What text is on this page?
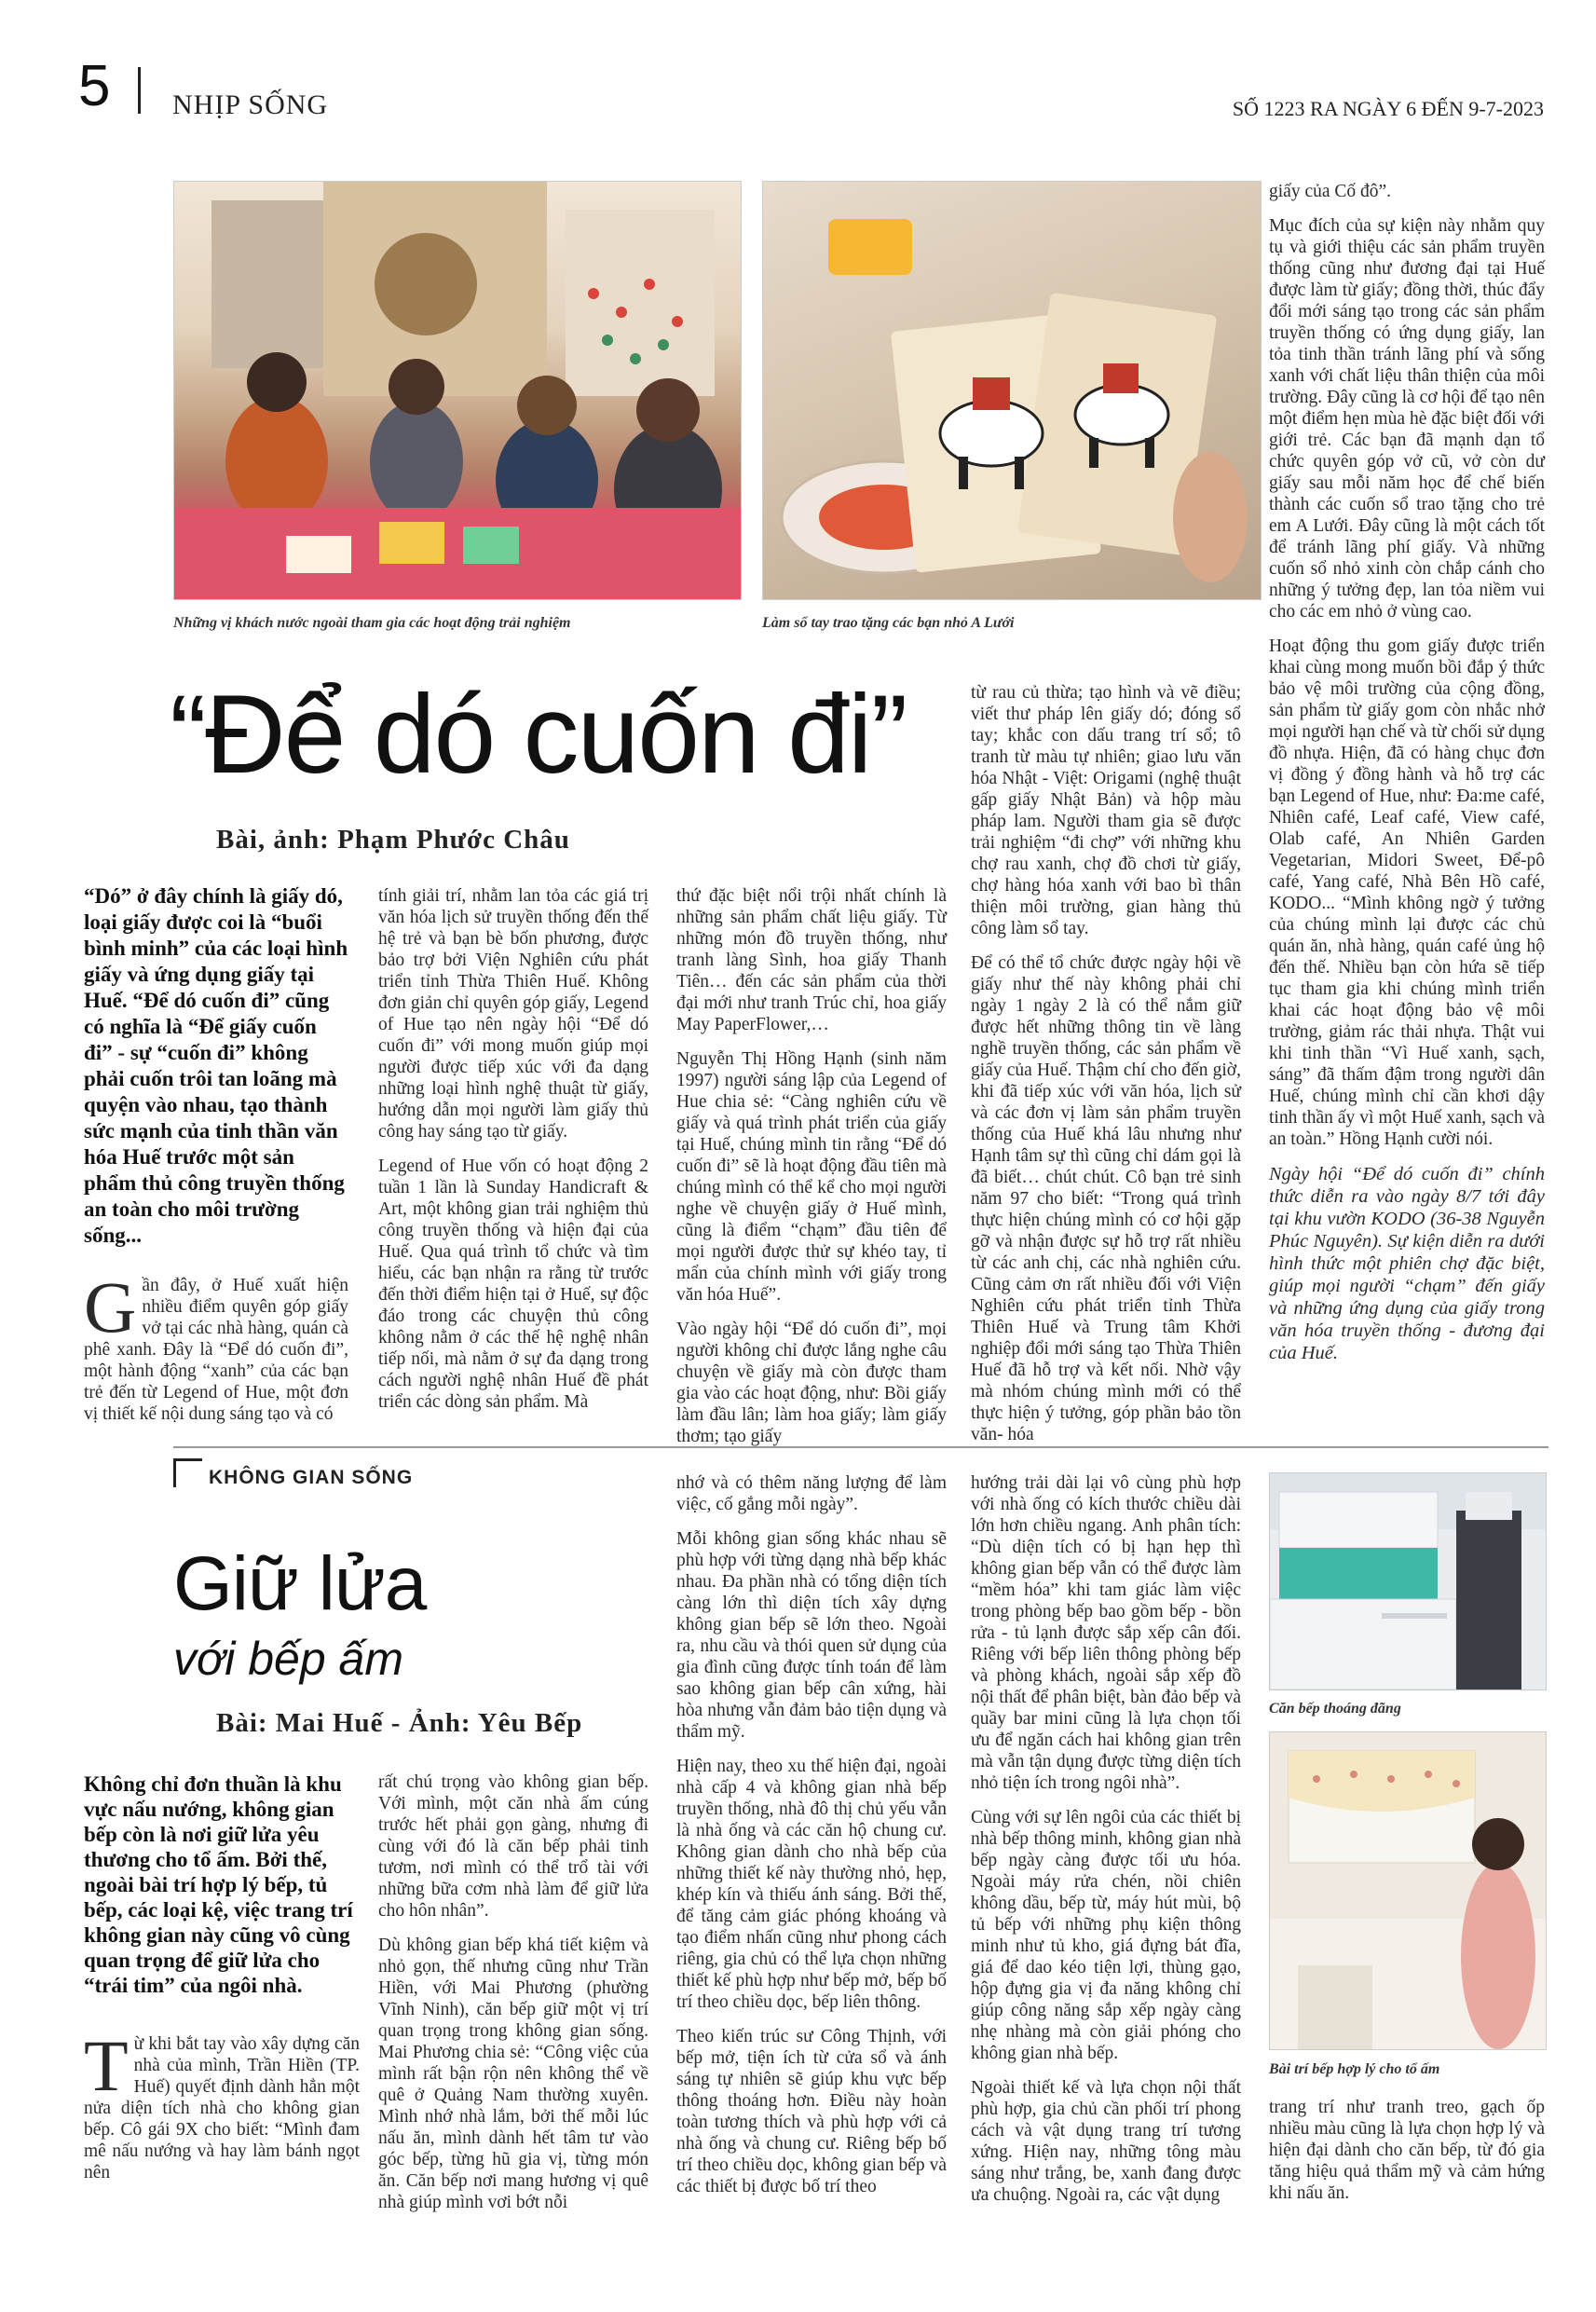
5 NHỊP SỐNG	SỐ 1223 RA NGÀY 6 ĐẾN 9-7-2023
Những vị khách nước ngoài tham gia các hoạt động trải nghiệm	Làm sổ tay trao tặng các bạn nhỏ A Lưới
“Để dó cuốn đi”
Bài, ảnh: Phạm Phước Châu

“Dó” ở đây chính là giấy dó, loại giấy được coi là “buổi bình minh” của các loại hình giấy và ứng dụng giấy tại Huế. “Để dó cuốn đi” cũng có nghĩa là “Để giấy cuốn đi” - sự “cuốn đi” không phải cuốn trôi tan loãng mà quyện vào nhau, tạo thành sức mạnh của tinh thần văn hóa Huế trước một sản phẩm thủ công truyền thống an toàn cho môi trường sống...

Gần đây, ở Huế xuất hiện nhiều điểm quyên góp giấy vở tại các nhà hàng, quán cà phê xanh. Đây là “Để dó cuốn đi”, một hành động “xanh” của các bạn trẻ đến từ Legend of Hue, một đơn vị thiết kế nội dung sáng tạo và có

tính giải trí, nhằm lan tỏa các giá trị văn hóa lịch sử truyền thống đến thế hệ trẻ và bạn bè bốn phương, được bảo trợ bởi Viện Nghiên cứu phát triển tỉnh Thừa Thiên Huế. Không đơn giản chỉ quyên góp giấy, Legend of Hue tạo nên ngày hội “Để dó cuốn đi” với mong muốn giúp mọi người được tiếp xúc với đa dạng những loại hình nghệ thuật từ giấy, hướng dẫn mọi người làm giấy thủ công hay sáng tạo từ giấy.

Legend of Hue vốn có hoạt động 2 tuần 1 lần là Sunday Handicraft & Art, một không gian trải nghiệm thủ công truyền thống và hiện đại của Huế. Qua quá trình tổ chức và tìm hiểu, các bạn nhận ra rằng từ trước đến thời điểm hiện tại ở Huế, sự độc đáo trong các chuyện thủ công không nằm ở các thế hệ nghệ nhân tiếp nối, mà nằm ở sự đa dạng trong cách người nghệ nhân Huế đề phát triển các dòng sản phẩm. Mà

thứ đặc biệt nổi trội nhất chính là những sản phẩm chất liệu giấy. Từ những món đồ truyền thống, như tranh làng Sình, hoa giấy Thanh Tiên… đến các sản phẩm của thời đại mới như tranh Trúc chỉ, hoa giấy May PaperFlower,…

Nguyễn Thị Hồng Hạnh (sinh năm 1997) người sáng lập của Legend of Hue chia sẻ: “Càng nghiên cứu về giấy và quá trình phát triển của giấy tại Huế, chúng mình tin rằng “Để dó cuốn đi” sẽ là hoạt động đầu tiên mà chúng mình có thể kể cho mọi người nghe về chuyện giấy ở Huế mình, cũng là điểm “chạm” đầu tiên để mọi người được thử sự khéo tay, tỉ mẩn của chính mình với giấy trong văn hóa Huế”.

Vào ngày hội “Để dó cuốn đi”, mọi người không chỉ được lắng nghe câu chuyện về giấy mà còn được tham gia vào các hoạt động, như: Bồi giấy làm đầu lân; làm hoa giấy; làm giấy thơm; tạo giấy

từ rau củ thừa; tạo hình và vẽ điều; viết thư pháp lên giấy dó; đóng sổ tay; khắc con dấu trang trí sổ; tô tranh từ màu tự nhiên; giao lưu văn hóa Nhật - Việt: Origami (nghệ thuật gấp giấy Nhật Bản) và hộp màu pháp lam. Người tham gia sẽ được trải nghiệm “đi chợ” với những khu chợ rau xanh, chợ đồ chơi từ giấy, chợ hàng hóa xanh với bao bì thân thiện môi trường, gian hàng thủ công làm sổ tay.

Để có thể tổ chức được ngày hội về giấy như thế này không phải chỉ ngày 1 ngày 2 là có thể nắm giữ được hết những thông tin về làng nghề truyền thống, các sản phẩm về giấy của Huế. Thậm chí cho đến giờ, khi đã tiếp xúc với văn hóa, lịch sử và các đơn vị làm sản phẩm truyền thống của Huế khá lâu nhưng như Hạnh tâm sự thì cũng chỉ dám gọi là đã biết… chút chút. Cô bạn trẻ sinh năm 97 cho biết: “Trong quá trình thực hiện chúng mình có cơ hội gặp gỡ và nhận được sự hỗ trợ rất nhiều từ các anh chị, các nhà nghiên cứu. Cũng cảm ơn rất nhiều đối với Viện Nghiên cứu phát triển tỉnh Thừa Thiên Huế và Trung tâm Khởi nghiệp đổi mới sáng tạo Thừa Thiên Huế đã hỗ trợ và kết nối. Nhờ vậy mà nhóm chúng mình mới có thể thực hiện ý tưởng, góp phần bảo tồn văn- hóa

giấy của Cố đô”.

Mục đích của sự kiện này nhằm quy tụ và giới thiệu các sản phẩm truyền thống cũng như đương đại tại Huế được làm từ giấy; đồng thời, thúc đẩy đổi mới sáng tạo trong các sản phẩm truyền thống có ứng dụng giấy, lan tỏa tinh thần tránh lãng phí và sống xanh với chất liệu thân thiện của môi trường. Đây cũng là cơ hội để tạo nên một điểm hẹn mùa hè đặc biệt đối với giới trẻ. Các bạn đã mạnh dạn tổ chức quyên góp vở cũ, vở còn dư giấy sau mỗi năm học để chế biến thành các cuốn sổ trao tặng cho trẻ em A Lưới. Đây cũng là một cách tốt để tránh lãng phí giấy. Và những cuốn sổ nhỏ xinh còn chắp cánh cho những ý tưởng đẹp, lan tỏa niềm vui cho các em nhỏ ở vùng cao.

Hoạt động thu gom giấy được triển khai cùng mong muốn bồi đắp ý thức bảo vệ môi trường của cộng đồng, sản phẩm từ giấy gom còn nhắc nhở mọi người hạn chế và từ chối sử dụng đồ nhựa. Hiện, đã có hàng chục đơn vị đồng ý đồng hành và hỗ trợ các bạn Legend of Hue, như: Đa:me café, Nhiên café, Leaf café, View café, Olab café, An Nhiên Garden Vegetarian, Midori Sweet, Để-pô café, Yang café, Nhà Bên Hồ café, KODO... “Mình không ngờ ý tưởng của chúng mình lại được các chủ quán ăn, nhà hàng, quán café ủng hộ đến thế. Nhiều bạn còn hứa sẽ tiếp tục tham gia khi chúng mình triển khai các hoạt động bảo vệ môi trường, giảm rác thải nhựa. Thật vui khi tinh thần “Vì Huế xanh, sạch, sáng” đã thấm đậm trong người dân Huế, chúng mình chỉ cần khơi dậy tinh thần ấy vì một Huế xanh, sạch và an toàn.” Hồng Hạnh cười nói.

Ngày hội “Để dó cuốn đi” chính thức diễn ra vào ngày 8/7 tới đây tại khu vườn KODO (36-38 Nguyễn Phúc Nguyên). Sự kiện diễn ra dưới hình thức một phiên chợ đặc biệt, giúp mọi người “chạm” đến giấy và những ứng dụng của giấy trong văn hóa truyền thống - đương đại của Huế.

KHÔNG GIAN SỐNG
Giữ lửa
với bếp ấm
Bài: Mai Huế - Ảnh: Yêu Bếp

Không chỉ đơn thuần là khu vực nấu nướng, không gian bếp còn là nơi giữ lửa yêu thương cho tổ ấm. Bởi thế, ngoài bài trí hợp lý bếp, tủ bếp, các loại kệ, việc trang trí không gian này cũng vô cùng quan trọng để giữ lửa cho “trái tim” của ngôi nhà.

Từ khi bắt tay vào xây dựng căn nhà của mình, Trần Hiền (TP. Huế) quyết định dành hẳn một nửa diện tích nhà cho không gian bếp. Cô gái 9X cho biết: “Mình đam mê nấu nướng và hay làm bánh ngọt nên

rất chú trọng vào không gian bếp. Với mình, một căn nhà ấm cúng trước hết phải gọn gàng, nhưng đi cùng với đó là căn bếp phải tinh tươm, nơi mình có thể trổ tài với những bữa cơm nhà làm để giữ lửa cho hôn nhân”.

Dù không gian bếp khá tiết kiệm và nhỏ gọn, thế nhưng cũng như Trần Hiền, với Mai Phương (phường Vĩnh Ninh), căn bếp giữ một vị trí quan trọng trong không gian sống. Mai Phương chia sẻ: “Công việc của mình rất bận rộn nên không thể về quê ở Quảng Nam thường xuyên. Mình nhớ nhà lắm, bởi thế mỗi lúc nấu ăn, mình dành hết tâm tư vào góc bếp, từng hũ gia vị, từng món ăn. Căn bếp nơi mang hương vị quê nhà giúp mình vơi bớt nỗi

nhớ và có thêm năng lượng để làm việc, cố gắng mỗi ngày”.

Mỗi không gian sống khác nhau sẽ phù hợp với từng dạng nhà bếp khác nhau. Đa phần nhà có tổng diện tích càng lớn thì diện tích xây dựng không gian bếp sẽ lớn theo. Ngoài ra, nhu cầu và thói quen sử dụng của gia đình cũng được tính toán để làm sao không gian bếp cân xứng, hài hòa nhưng vẫn đảm bảo tiện dụng và thẩm mỹ.

Hiện nay, theo xu thế hiện đại, ngoài nhà cấp 4 và không gian nhà bếp truyền thống, nhà đô thị chủ yếu vẫn là nhà ống và các căn hộ chung cư. Không gian dành cho nhà bếp của những thiết kế này thường nhỏ, hẹp, khép kín và thiếu ánh sáng. Bởi thế, để tăng cảm giác phóng khoáng và tạo điểm nhấn cũng như phong cách riêng, gia chủ có thể lựa chọn những thiết kế phù hợp như bếp mở, bếp bố trí theo chiều dọc, bếp liên thông.

Theo kiến trúc sư Công Thịnh, với bếp mở, tiện ích từ cửa sổ và ánh sáng tự nhiên sẽ giúp khu vực bếp thông thoáng hơn. Điều này hoàn toàn tương thích và phù hợp với cả nhà ống và chung cư. Riêng bếp bố trí theo chiều dọc, không gian bếp và các thiết bị được bố trí theo

hướng trải dài lại vô cùng phù hợp với nhà ống có kích thước chiều dài lớn hơn chiều ngang. Anh phân tích: “Dù diện tích có bị hạn hẹp thì không gian bếp vẫn có thể được làm “mềm hóa” khi tam giác làm việc trong phòng bếp bao gồm bếp - bồn rửa - tủ lạnh được sắp xếp cân đối. Riêng với bếp liên thông phòng bếp và phòng khách, ngoài sắp xếp đồ nội thất để phân biệt, bàn đảo bếp và quầy bar mini cũng là lựa chọn tối ưu để ngăn cách hai không gian trên mà vẫn tận dụng được từng diện tích nhỏ tiện ích trong ngôi nhà”.

Cùng với sự lên ngôi của các thiết bị nhà bếp thông minh, không gian nhà bếp ngày càng được tối ưu hóa. Ngoài máy rửa chén, nồi chiên không dầu, bếp từ, máy hút mùi, bộ tủ bếp với những phụ kiện thông minh như tủ kho, giá đựng bát đĩa, giá để dao kéo tiện lợi, thùng gạo, hộp đựng gia vị đa năng không chỉ giúp công năng sắp xếp ngày càng nhẹ nhàng mà còn giải phóng cho không gian nhà bếp.

Ngoài thiết kế và lựa chọn nội thất phù hợp, gia chủ cần phối trí phong cách và vật dụng trang trí tương xứng. Hiện nay, những tông màu sáng như trắng, be, xanh đang được ưa chuộng. Ngoài ra, các vật dụng

Căn bếp thoáng đãng
Bài trí bếp hợp lý cho tổ ấm

trang trí như tranh treo, gạch ốp nhiều màu cũng là lựa chọn hợp lý và hiện đại dành cho căn bếp, từ đó gia tăng hiệu quả thẩm mỹ và cảm hứng khi nấu ăn.
